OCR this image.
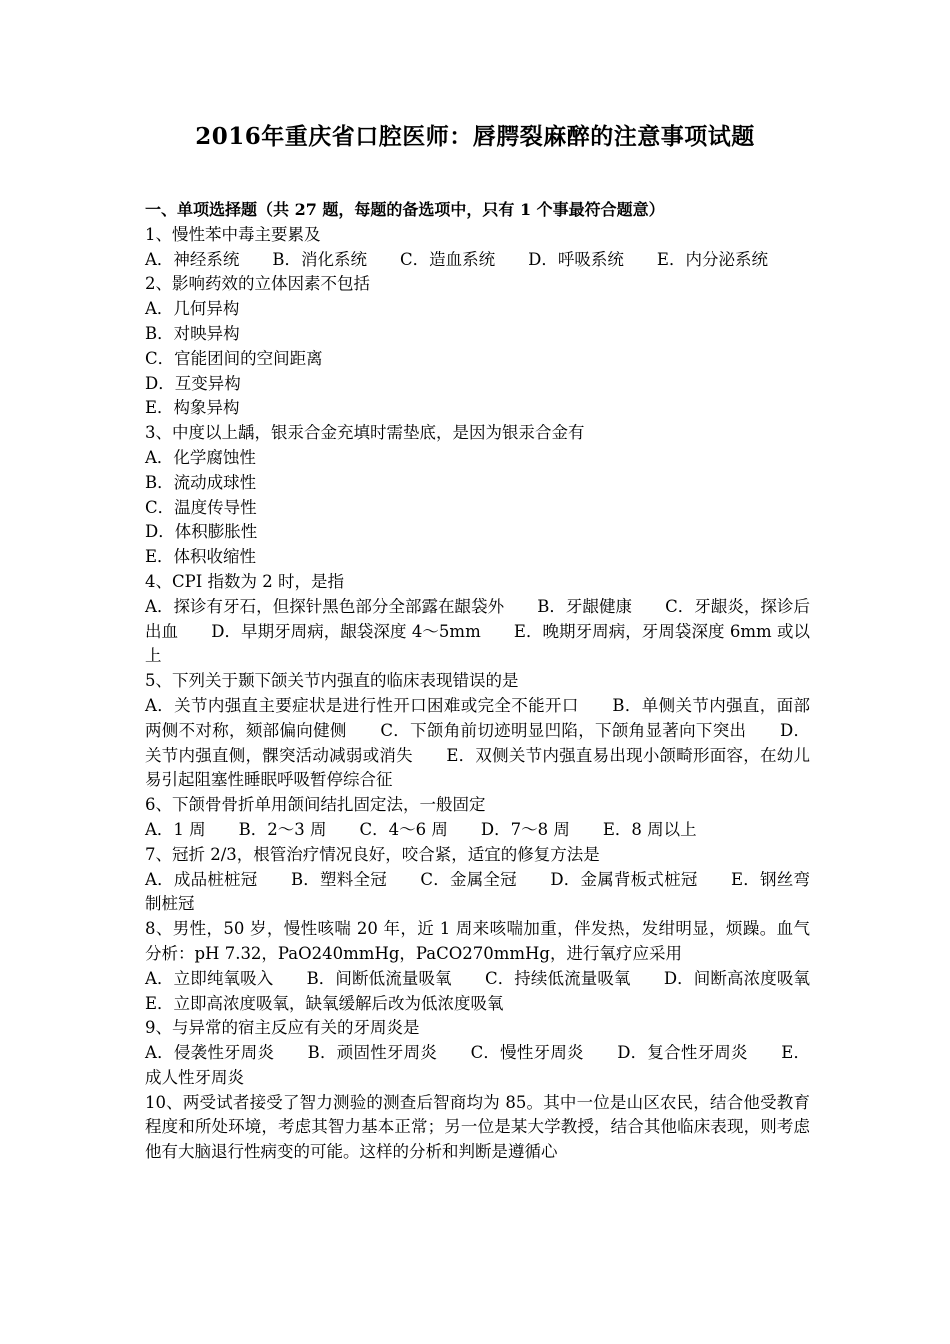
2016年重庆省口腔医师：唇腭裂麻醉的注意事项试题
一、单项选择题（共 27 题，每题的备选项中，只有 1 个事最符合题意）
1、慢性苯中毒主要累及
A．神经系统　　B．消化系统　　C．造血系统　　D．呼吸系统　　E．内分泌系统
2、影响药效的立体因素不包括
A．几何异构
B．对映异构
C．官能团间的空间距离
D．互变异构
E．构象异构
3、中度以上龋，银汞合金充填时需垫底，是因为银汞合金有
A．化学腐蚀性
B．流动成球性
C．温度传导性
D．体积膨胀性
E．体积收缩性
4、CPI 指数为 2 时，是指
A．探诊有牙石，但探针黑色部分全部露在龈袋外　　B．牙龈健康　　C．牙龈炎，探诊后出血　　D．早期牙周病，龈袋深度 4～5mm　　E．晚期牙周病，牙周袋深度 6mm 或以上
5、下列关于颞下颌关节内强直的临床表现错误的是
A．关节内强直主要症状是进行性开口困难或完全不能开口　　B．单侧关节内强直，面部两侧不对称，颏部偏向健侧　　C．下颌角前切迹明显凹陷，下颌角显著向下突出　　D．关节内强直侧，髁突活动减弱或消失　　E．双侧关节内强直易出现小颌畸形面容，在幼儿易引起阻塞性睡眠呼吸暂停综合征
6、下颌骨骨折单用颌间结扎固定法，一般固定
A．1 周　　B．2～3 周　　C．4～6 周　　D．7～8 周　　E．8 周以上
7、冠折 2/3，根管治疗情况良好，咬合紧，适宜的修复方法是
A．成品桩桩冠　　B．塑料全冠　　C．金属全冠　　D．金属背板式桩冠　　E．钢丝弯制桩冠
8、男性，50 岁，慢性咳喘 20 年，近 1 周来咳喘加重，伴发热，发绀明显，烦躁。血气分析：pH 7.32，PaO240mmHg，PaCO270mmHg，进行氧疗应采用
A．立即纯氧吸入　　B．间断低流量吸氧　　C．持续低流量吸氧　　D．间断高浓度吸氧　　E．立即高浓度吸氧，缺氧缓解后改为低浓度吸氧
9、与异常的宿主反应有关的牙周炎是
A．侵袭性牙周炎　　B．顽固性牙周炎　　C．慢性牙周炎　　D．复合性牙周炎　　E．成人性牙周炎
10、两受试者接受了智力测验的测查后智商均为 85。其中一位是山区农民，结合他受教育程度和所处环境，考虑其智力基本正常；另一位是某大学教授，结合其他临床表现，则考虑他有大脑退行性病变的可能。这样的分析和判断是遵循心
